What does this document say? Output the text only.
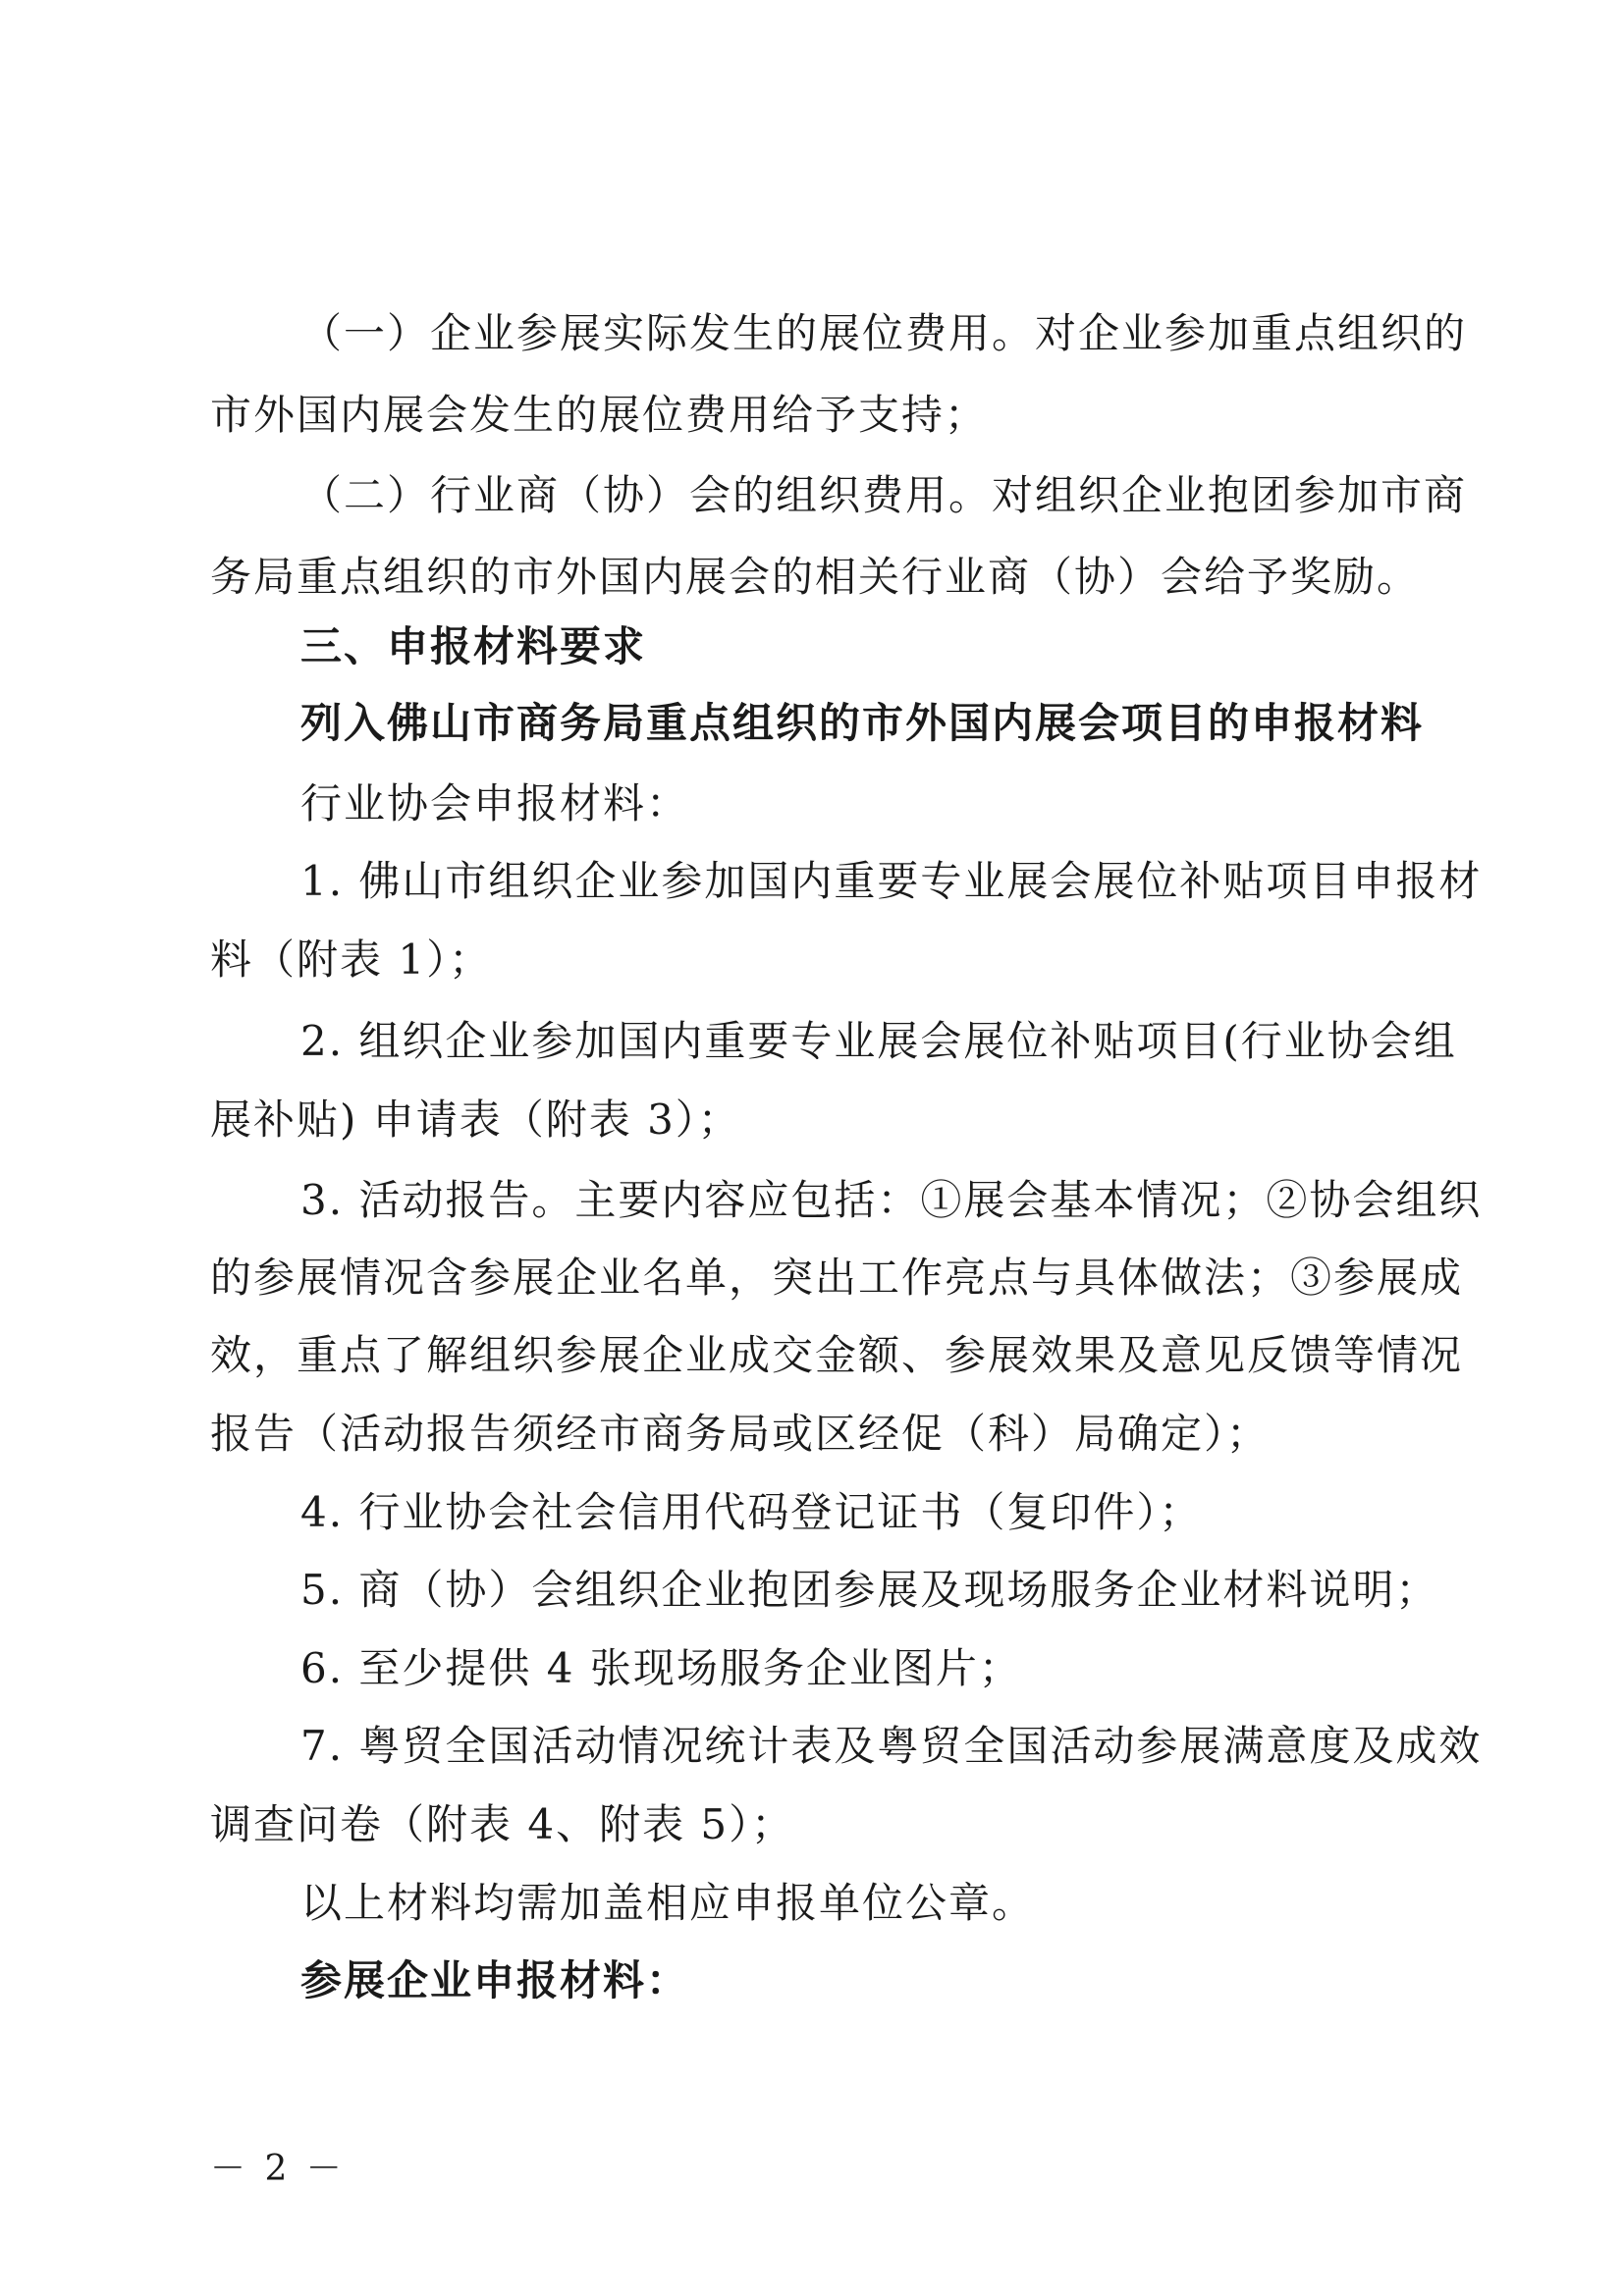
（一）企业参展实际发生的展位费用。对企业参加重点组织的
市外国内展会发生的展位费用给予支持；
（二）行业商（协）会的组织费用。对组织企业抱团参加市商
务局重点组织的市外国内展会的相关行业商（协）会给予奖励。
三、申报材料要求
列入佛山市商务局重点组织的市外国内展会项目的申报材料
行业协会申报材料：
1. 佛山市组织企业参加国内重要专业展会展位补贴项目申报材
料（附表 1）；
2. 组织企业参加国内重要专业展会展位补贴项目(行业协会组
展补贴) 申请表（附表 3）；
3. 活动报告。主要内容应包括：①展会基本情况；②协会组织
的参展情况含参展企业名单，突出工作亮点与具体做法；③参展成
效，重点了解组织参展企业成交金额、参展效果及意见反馈等情况
报告（活动报告须经市商务局或区经促（科）局确定）；
4. 行业协会社会信用代码登记证书（复印件）；
5. 商（协）会组织企业抱团参展及现场服务企业材料说明；
6. 至少提供 4 张现场服务企业图片；
7. 粤贸全国活动情况统计表及粤贸全国活动参展满意度及成效
调查问卷（附表 4、附表 5）；
以上材料均需加盖相应申报单位公章。
参展企业申报材料：
－ 2 －
